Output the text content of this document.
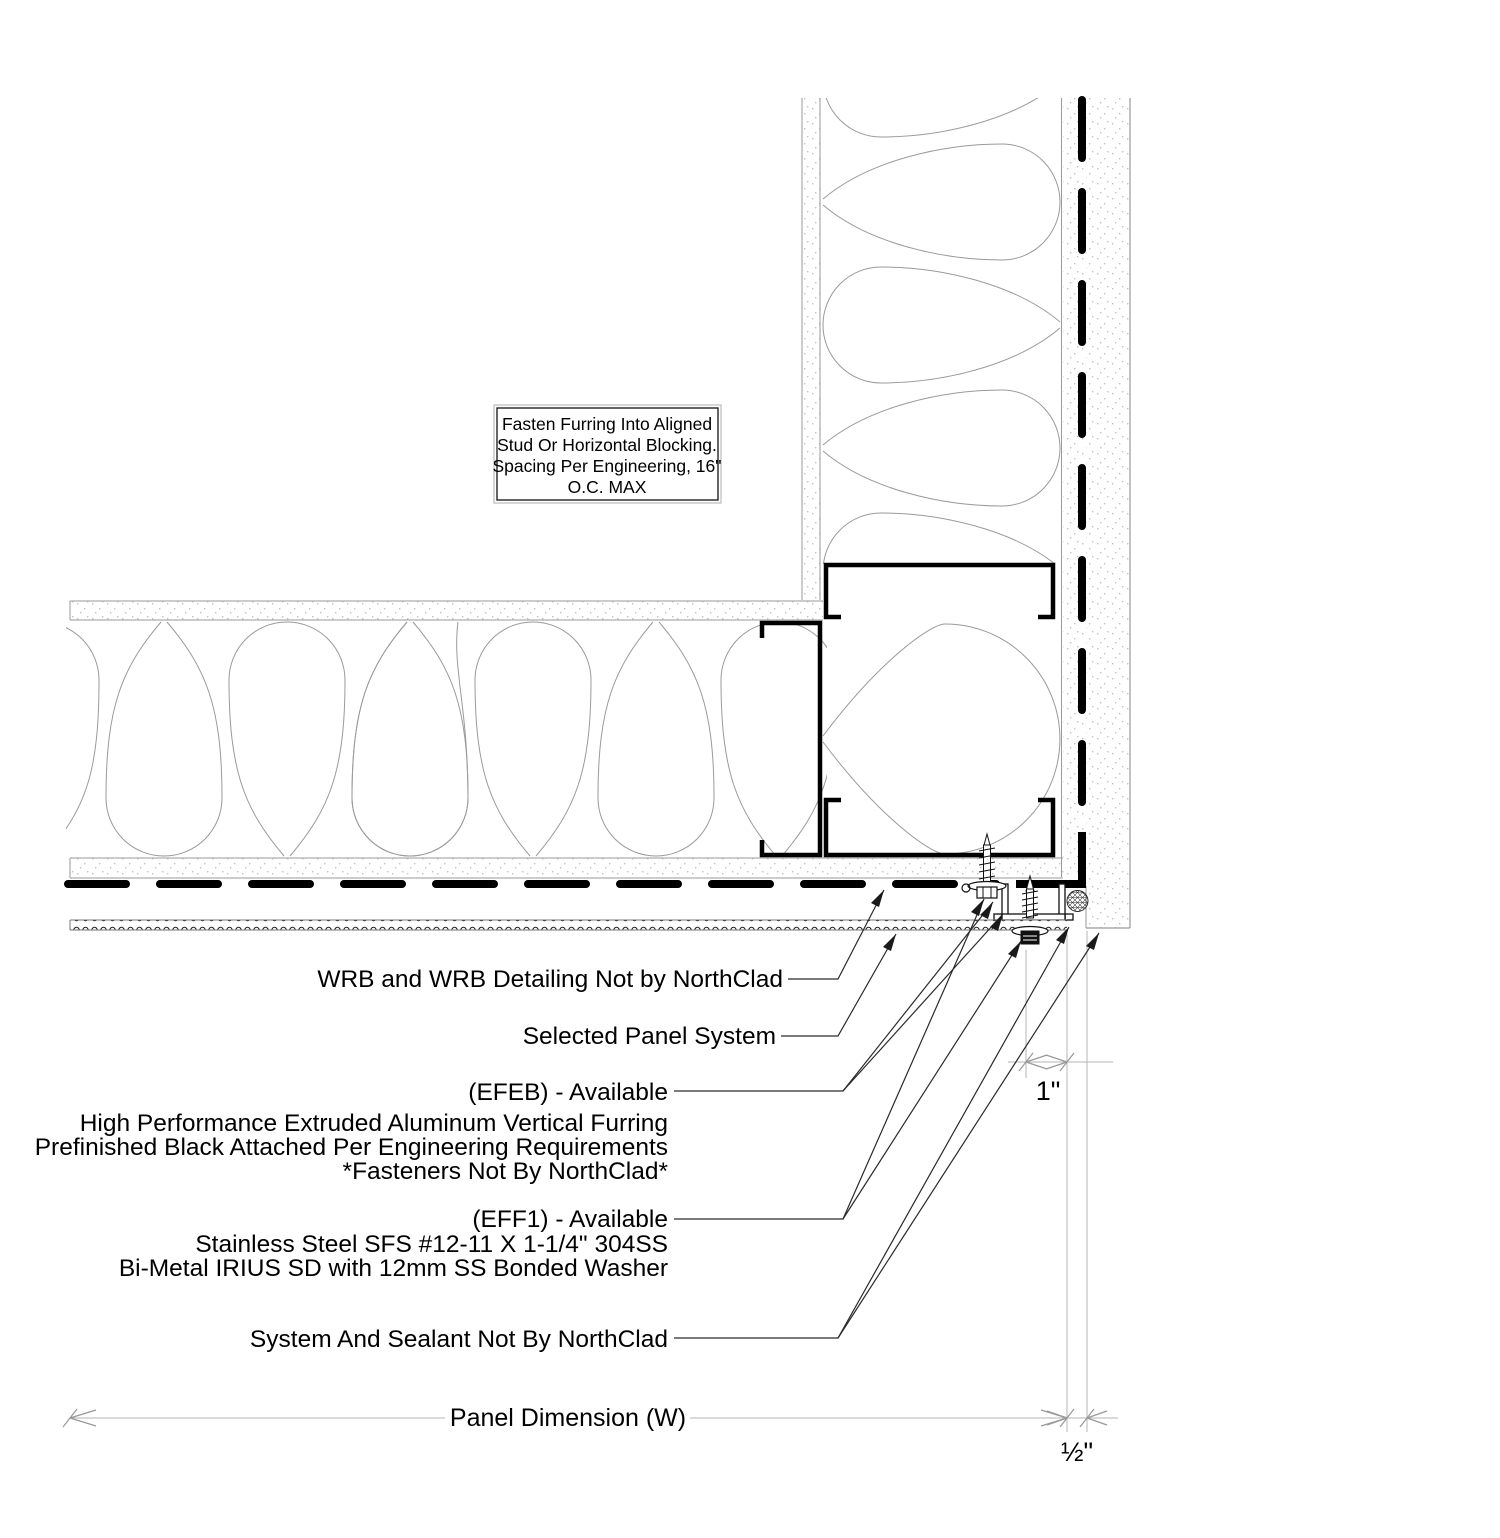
Fasten Furring Into Aligned
Stud Or Horizontal Blocking.
Spacing Per Engineering, 16"
O.C. MAX
WRB and WRB Detailing Not by NorthClad
Selected Panel System
(EFEB) - Available
High Performance Extruded Aluminum Vertical Furring
Prefinished Black Attached Per Engineering Requirements
*Fasteners Not By NorthClad*
(EFF1) - Available
Stainless Steel SFS #12-11 X 1-1/4" 304SS
Bi-Metal IRIUS SD with 12mm SS Bonded Washer
System And Sealant Not By NorthClad
Panel Dimension (W)
1"
½"
